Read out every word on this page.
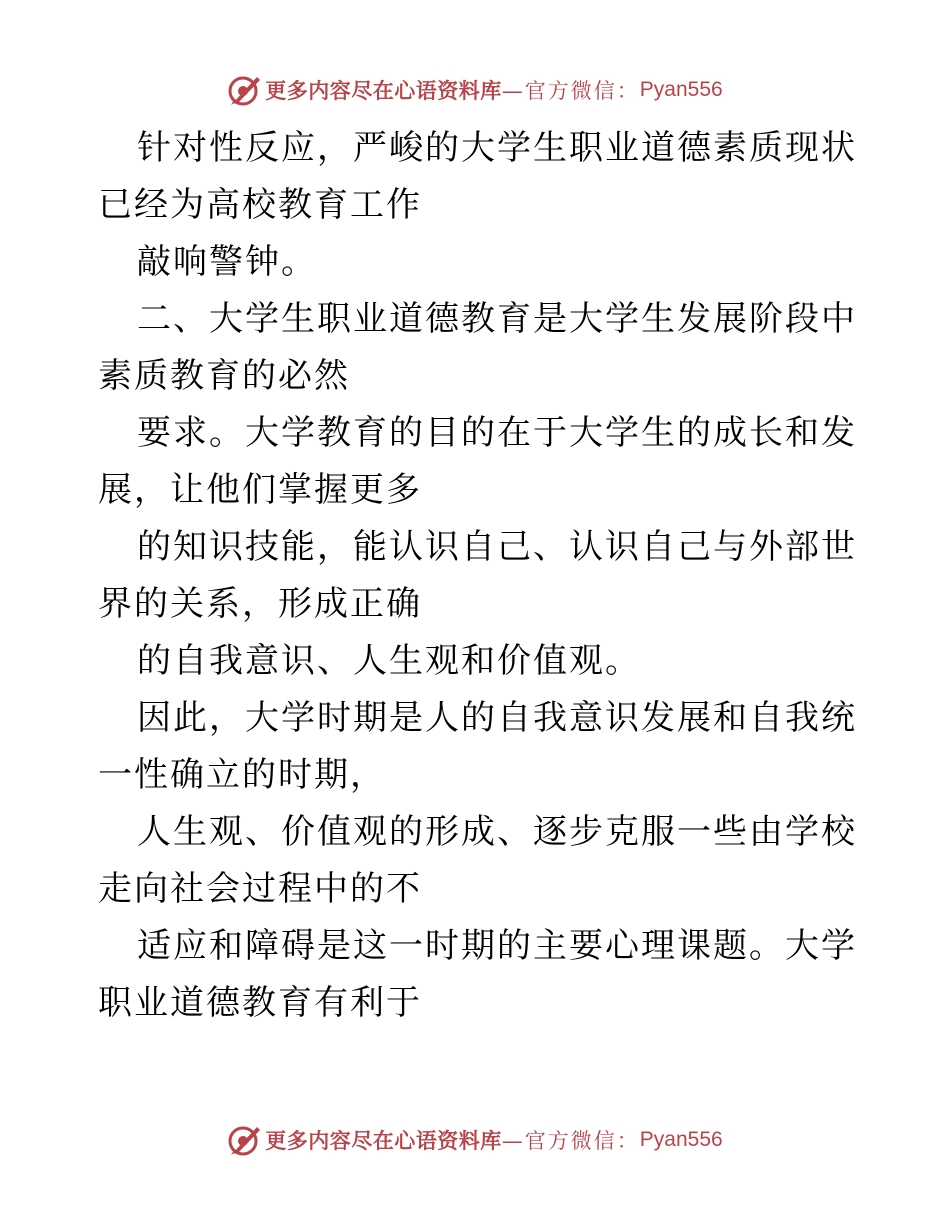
更多内容尽在心语资料库 —官方微信： Pyan556

针对性反应，严峻的大学生职业道德素质现状已经为高校教育工作

敲响警钟。

二、大学生职业道德教育是大学生发展阶段中素质教育的必然

要求。大学教育的目的在于大学生的成长和发展，让他们掌握更多

的知识技能，能认识自己、认识自己与外部世界的关系，形成正确

的自我意识、人生观和价值观。

因此，大学时期是人的自我意识发展和自我统一性确立的时期，

人生观、价值观的形成、逐步克服一些由学校走向社会过程中的不

适应和障碍是这一时期的主要心理课题。大学职业道德教育有利于

更多内容尽在心语资料库 —官方微信： Pyan556
